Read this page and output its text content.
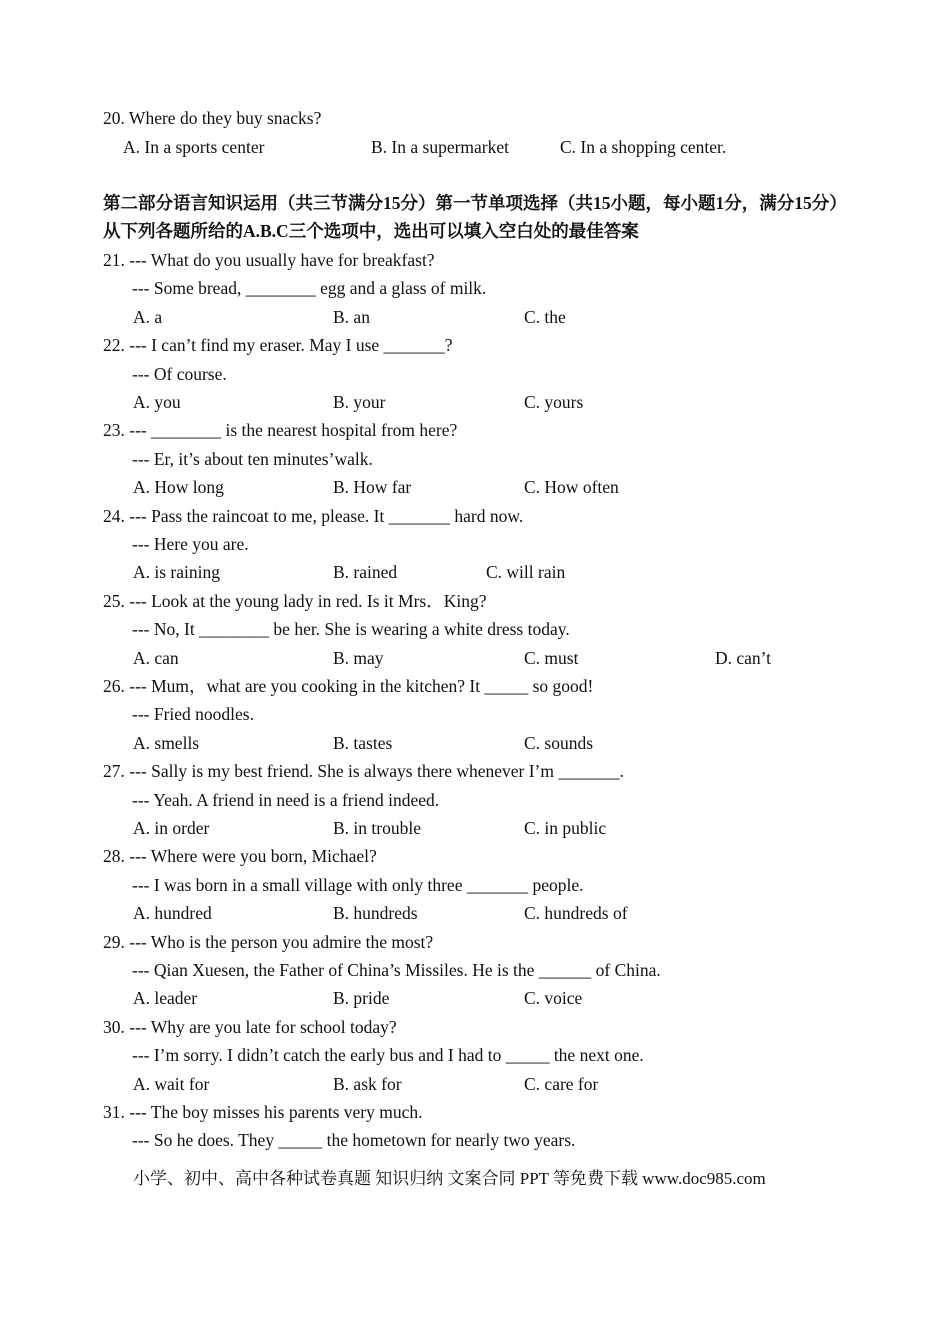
20. Where do they buy snacks?
A. In a sports center	B. In a supermarket	C. In a shopping center.
第二部分语言知识运用（共三节满分15分）第一节单项选择（共15小题，每小题1分，满分15分）从下列各题所给的A.B.C三个选项中，选出可以填入空白处的最佳答案
21. --- What do you usually have for breakfast?
--- Some bread, ________ egg and a glass of milk.
A. a	B. an	C. the
22. --- I can’t find my eraser. May I use _______?
--- Of course.
A. you	B. your	C. yours
23. --- ________ is the nearest hospital from here?
--- Er, it’s about ten minutes’walk.
A. How long	B. How far	C. How often
24. --- Pass the raincoat to me, please. It _______ hard now.
--- Here you are.
A. is raining	B. rained	C. will rain
25. --- Look at the young lady in red. Is it Mrs．King?
--- No, It ________ be her. She is wearing a white dress today.
A. can	B. may	C. must	D. can’t
26. --- Mum，what are you cooking in the kitchen? It _____ so good!
--- Fried noodles.
A. smells	B. tastes	C. sounds
27. --- Sally is my best friend. She is always there whenever I’m _______.
--- Yeah. A friend in need is a friend indeed.
A. in order	B. in trouble	C. in public
28. --- Where were you born, Michael?
--- I was born in a small village with only three _______ people.
A. hundred	B. hundreds	C. hundreds of
29. --- Who is the person you admire the most?
--- Qian Xuesen, the Father of China’s Missiles. He is the ______ of China.
A. leader	B. pride	C. voice
30. --- Why are you late for school today?
--- I’m sorry. I didn’t catch the early bus and I had to _____ the next one.
A. wait for	B. ask for	C. care for
31. --- The boy misses his parents very much.
--- So he does. They _____ the hometown for nearly two years.
小学、初中、高中各种试卷真题 知识归纳 文案合同 PPT 等免费下载 www.doc985.com
